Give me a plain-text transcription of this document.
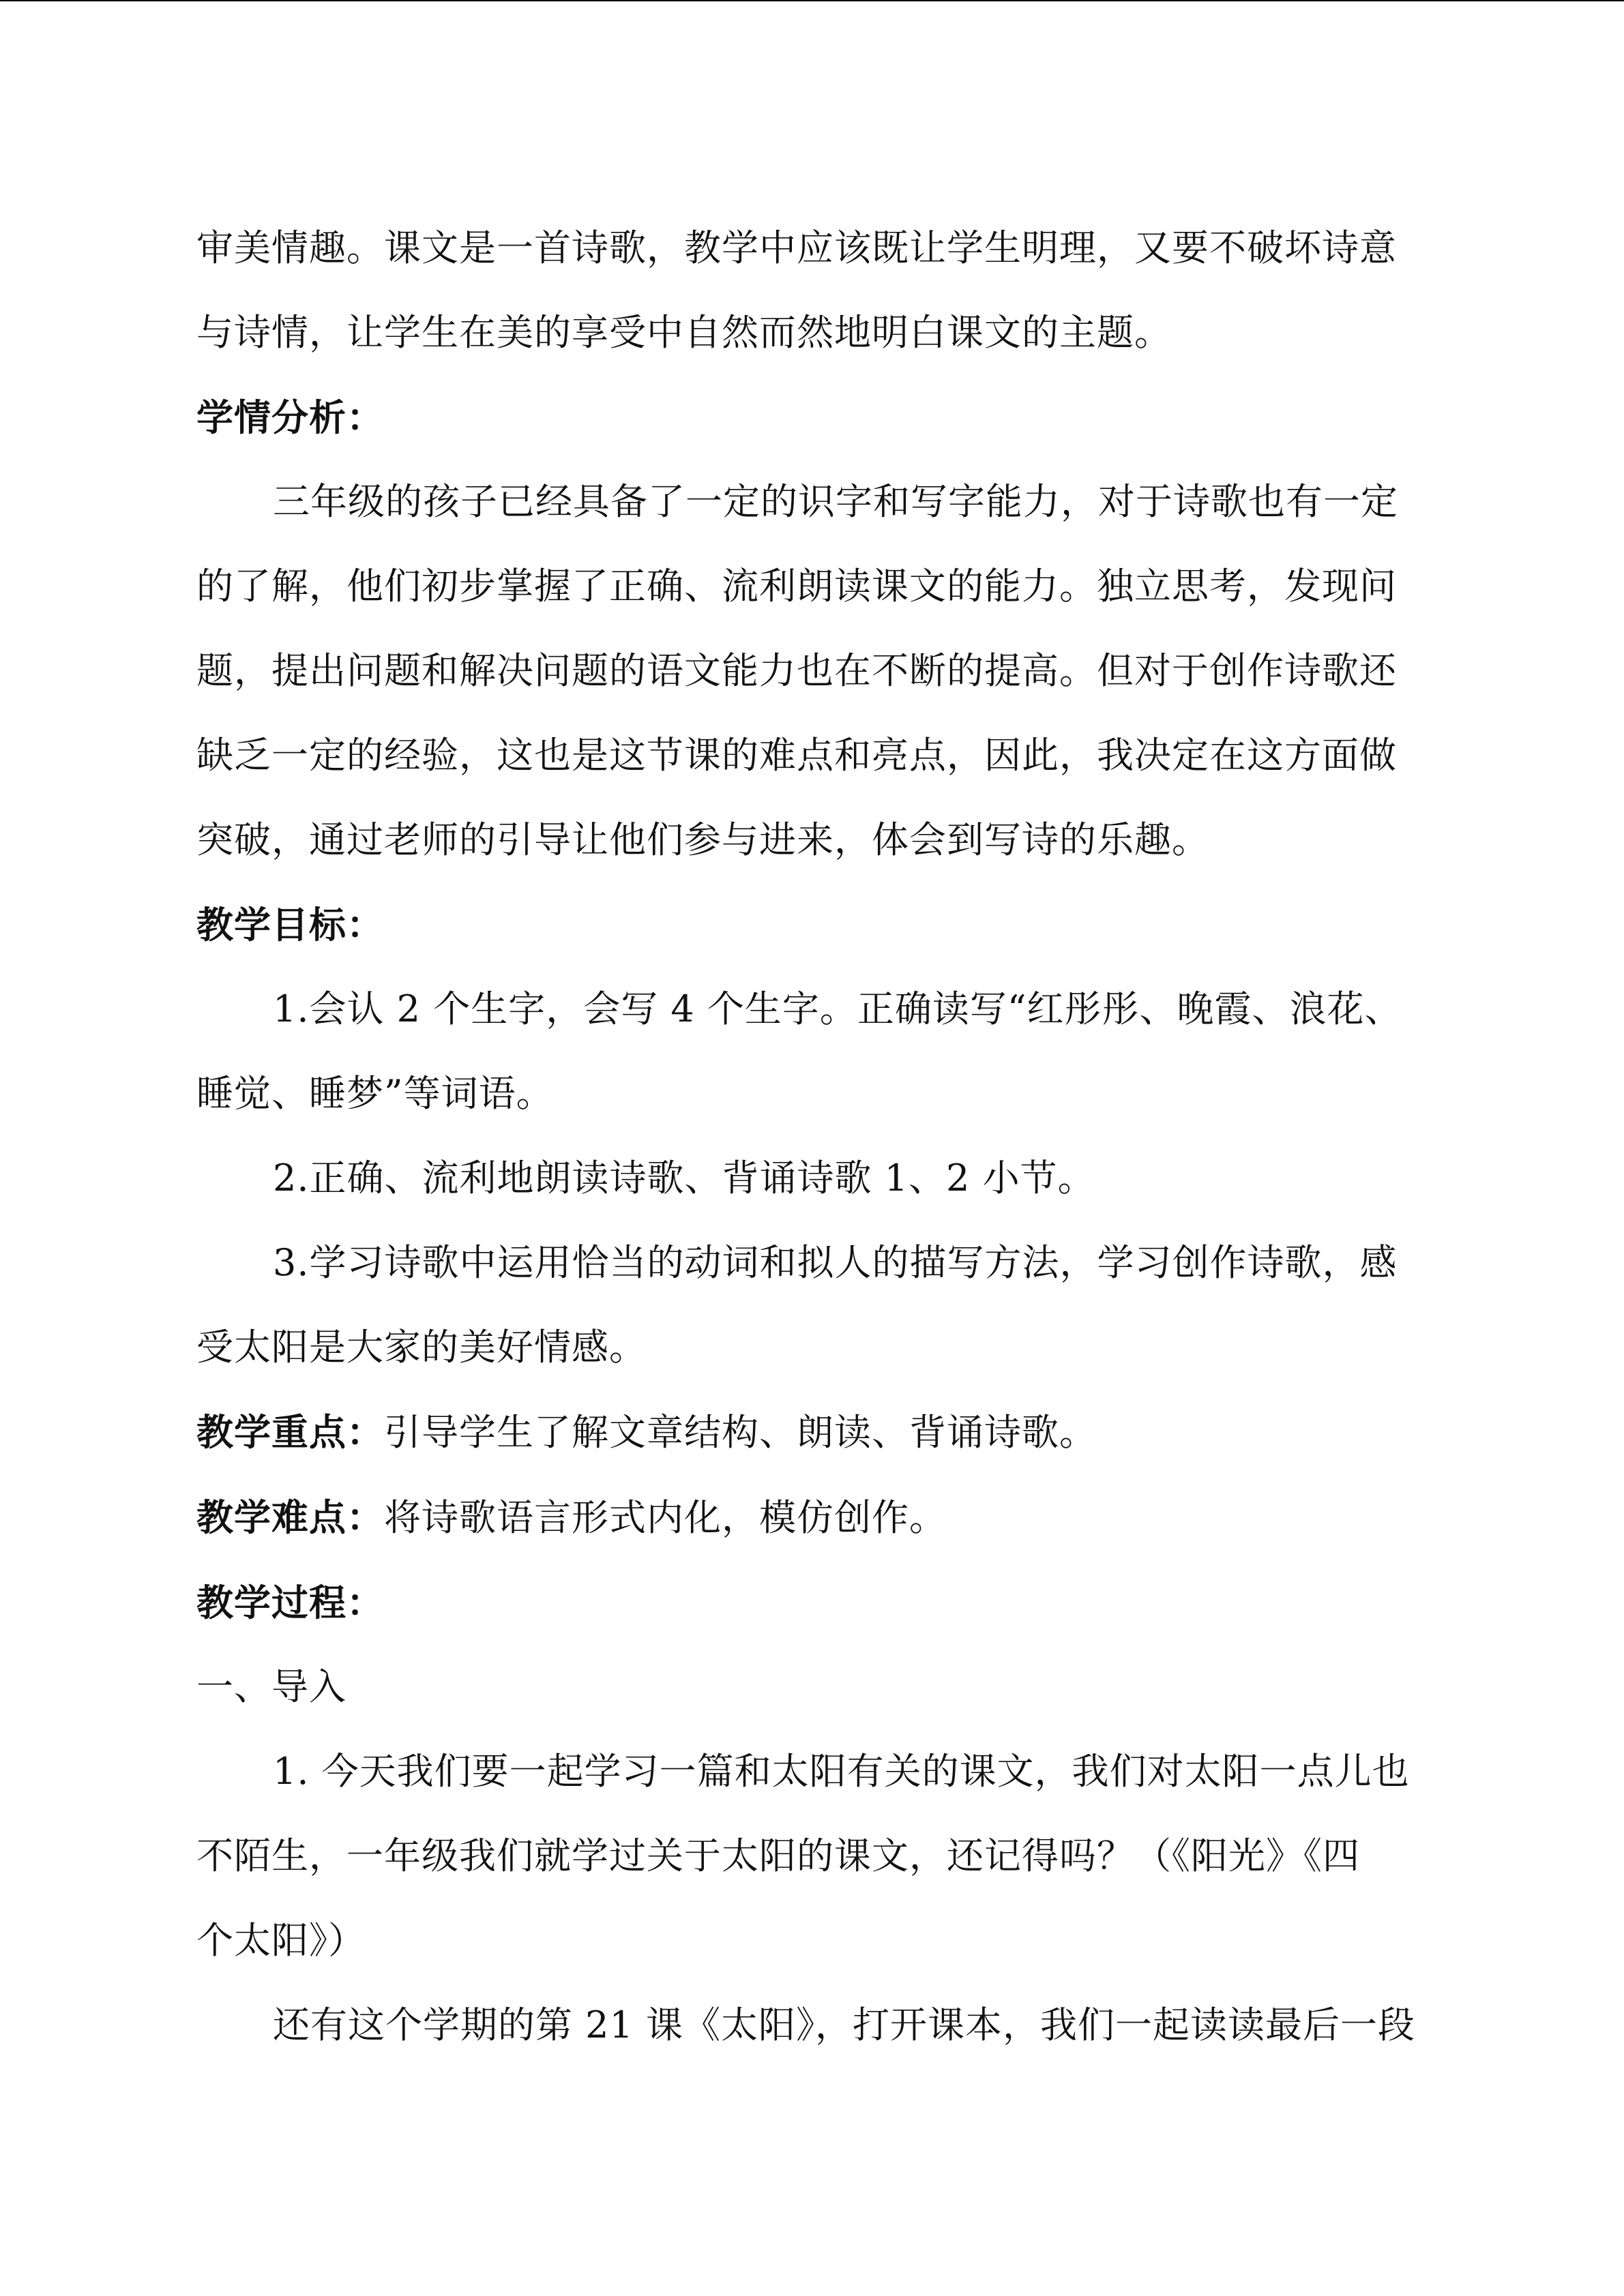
审美情趣。课文是一首诗歌，教学中应该既让学生明理，又要不破坏诗意

与诗情，让学生在美的享受中自然而然地明白课文的主题。

学情分析：

三年级的孩子已经具备了一定的识字和写字能力，对于诗歌也有一定

的了解，他们初步掌握了正确、流利朗读课文的能力。独立思考，发现问

题，提出问题和解决问题的语文能力也在不断的提高。但对于创作诗歌还

缺乏一定的经验，这也是这节课的难点和亮点，因此，我决定在这方面做

突破，通过老师的引导让他们参与进来，体会到写诗的乐趣。

教学目标：

1.会认 2 个生字，会写 4 个生字。正确读写“红彤彤、晚霞、浪花、

睡觉、睡梦”等词语。

2.正确、流利地朗读诗歌、背诵诗歌 1、2 小节。

3.学习诗歌中运用恰当的动词和拟人的描写方法，学习创作诗歌，感

受太阳是大家的美好情感。

教学重点：引导学生了解文章结构、朗读、背诵诗歌。

教学难点：将诗歌语言形式内化，模仿创作。

教学过程：

一、导入

1. 今天我们要一起学习一篇和太阳有关的课文，我们对太阳一点儿也

不陌生，一年级我们就学过关于太阳的课文，还记得吗？（《阳光》《四

个太阳》）

还有这个学期的第 21 课《太阳》，打开课本，我们一起读读最后一段
